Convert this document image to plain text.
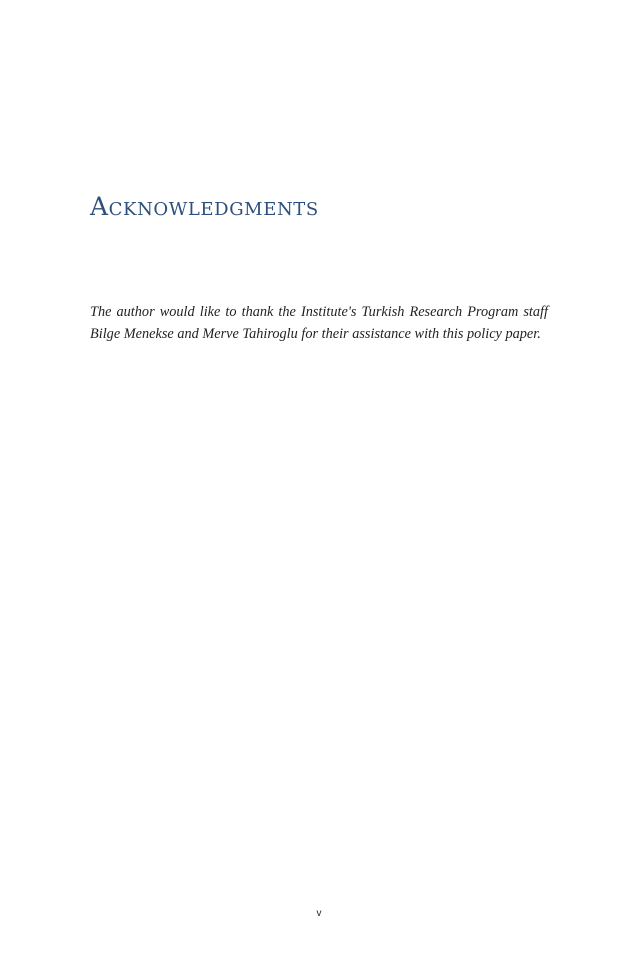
Acknowledgments

The author would like to thank the Institute's Turkish Research Program staff Bilge Menekse and Merve Tahiroglu for their assistance with this policy paper.

v
